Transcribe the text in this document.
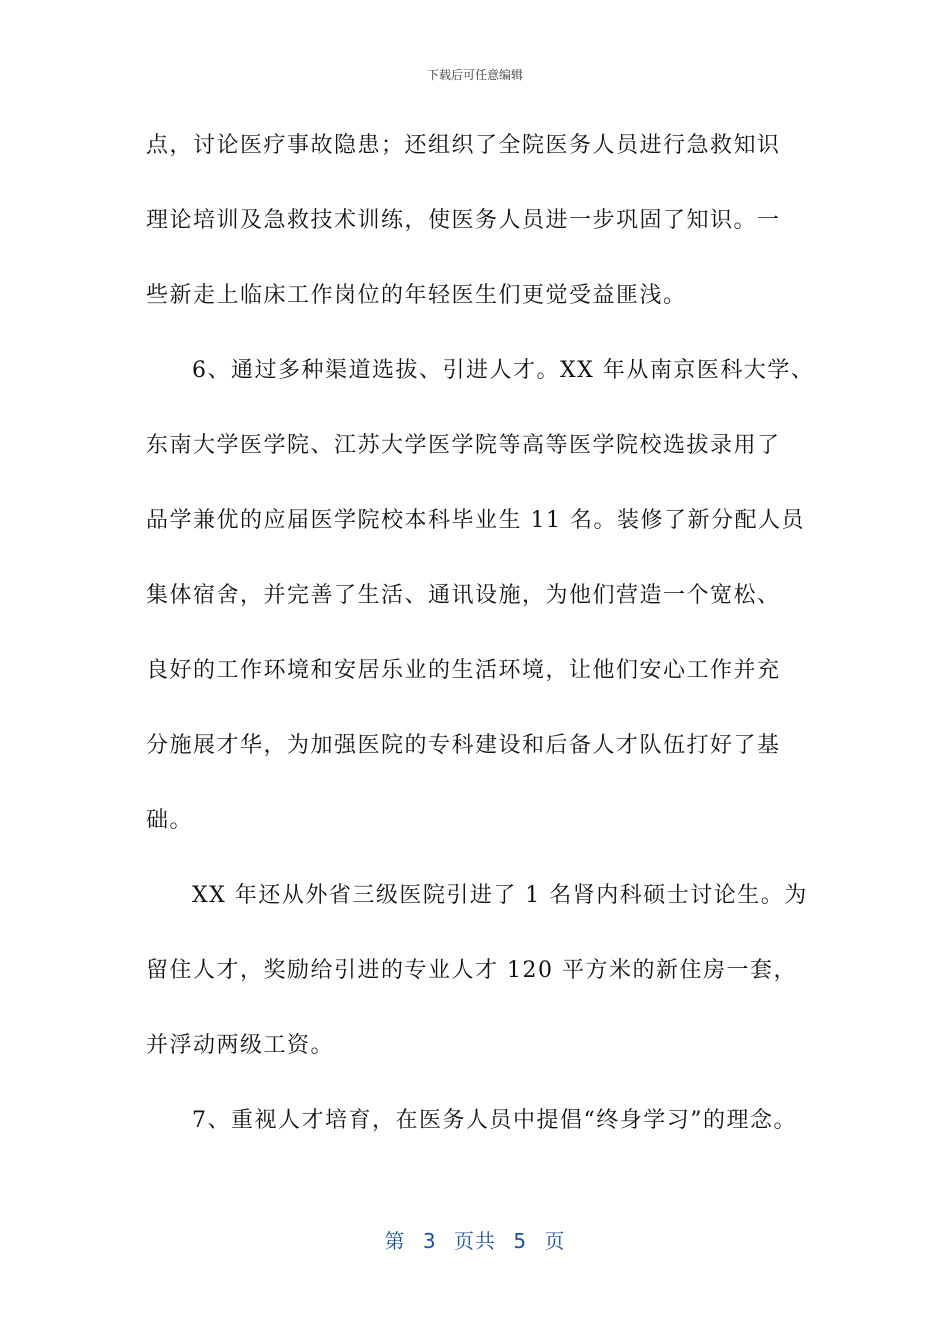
下载后可任意编辑
点，讨论医疗事故隐患；还组织了全院医务人员进行急救知识
理论培训及急救技术训练，使医务人员进一步巩固了知识。一
些新走上临床工作岗位的年轻医生们更觉受益匪浅。
6、通过多种渠道选拔、引进人才。XX 年从南京医科大学、
东南大学医学院、江苏大学医学院等高等医学院校选拔录用了
品学兼优的应届医学院校本科毕业生 11 名。装修了新分配人员
集体宿舍，并完善了生活、通讯设施，为他们营造一个宽松、
良好的工作环境和安居乐业的生活环境，让他们安心工作并充
分施展才华，为加强医院的专科建设和后备人才队伍打好了基
础。
XX 年还从外省三级医院引进了 1 名肾内科硕士讨论生。为
留住人才，奖励给引进的专业人才 120 平方米的新住房一套，
并浮动两级工资。
7、重视人才培育，在医务人员中提倡“终身学习”的理念。
第 3 页共 5 页
